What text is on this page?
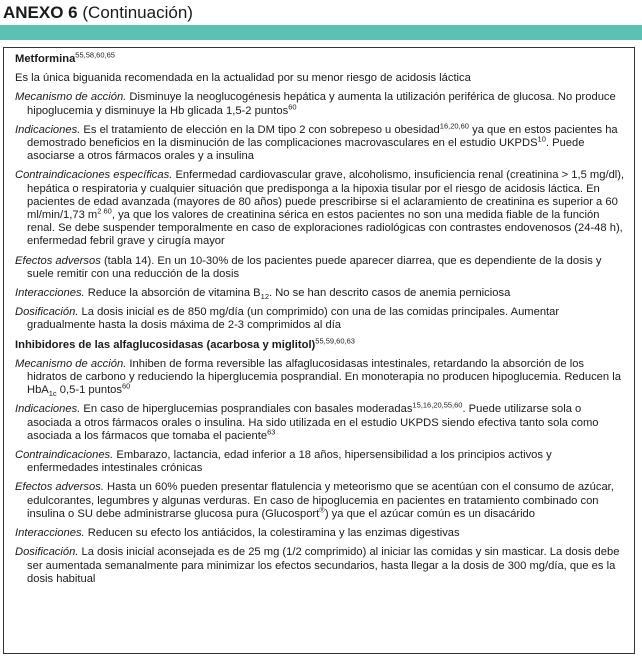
ANEXO 6 (Continuación)
Metformina$^{55,58,60,65}$
Es la única biguanida recomendada en la actualidad por su menor riesgo de acidosis láctica
Mecanismo de acción. Disminuye la neoglucogénesis hepática y aumenta la utilización periférica de glucosa. No produce hipoglucemia y disminuye la Hb glicada 1,5-2 puntos$^{60}$
Indicaciones. Es el tratamiento de elección en la DM tipo 2 con sobrepeso u obesidad$^{16,20,60}$ ya que en estos pacientes ha demostrado beneficios en la disminución de las complicaciones macrovasculares en el estudio UKPDS$^{10}$. Puede asociarse a otros fármacos orales y a insulina
Contraindicaciones específicas. Enfermedad cardiovascular grave, alcoholismo, insuficiencia renal (creatinina > 1,5 mg/dl), hepática o respiratoria y cualquier situación que predisponga a la hipoxia tisular por el riesgo de acidosis láctica. En pacientes de edad avanzada (mayores de 80 años) puede prescribirse si el aclaramiento de creatinina es superior a 60 ml/min/1,73 $m^{2 60}$, ya que los valores de creatinina sérica en estos pacientes no son una medida fiable de la función renal. Se debe suspender temporalmente en caso de exploraciones radiológicas con contrastes endovenosos (24-48 h), enfermedad febril grave y cirugía mayor
Efectos adversos (tabla 14). En un 10-30% de los pacientes puede aparecer diarrea, que es dependiente de la dosis y suele remitir con una reducción de la dosis
Interacciones. Reduce la absorción de vitamina $B_{12}$. No se han descrito casos de anemia perniciosa
Dosificación. La dosis inicial es de 850 mg/día (un comprimido) con una de las comidas principales. Aumentar gradualmente hasta la dosis máxima de 2-3 comprimidos al día
Inhibidores de las alfaglucosidasas (acarbosa y miglitol)$^{55,59,60,63}$
Mecanismo de acción. Inhiben de forma reversible las alfaglucosidasas intestinales, retardando la absorción de los hidratos de carbono y reduciendo la hiperglucemia posprandial. En monoterapia no producen hipoglucemia. Reducen la HbA$_{1c}$ 0,5-1 puntos$^{60}$
Indicaciones. En caso de hiperglucemias posprandiales con basales moderadas$^{15,16,20,55,60}$. Puede utilizarse sola o asociada a otros fármacos orales o insulina. Ha sido utilizada en el estudio UKPDS siendo efectiva tanto sola como asociada a los fármacos que tomaba el paciente$^{63}$
Contraindicaciones. Embarazo, lactancia, edad inferior a 18 años, hipersensibilidad a los principios activos y enfermedades intestinales crónicas
Efectos adversos. Hasta un 60% pueden presentar flatulencia y meteorismo que se acentúan con el consumo de azúcar, edulcorantes, legumbres y algunas verduras. En caso de hipoglucemia en pacientes en tratamiento combinado con insulina o SU debe administrarse glucosa pura (Glucosport®) ya que el azúcar común es un disacárido
Interacciones. Reducen su efecto los antiácidos, la colestiramina y las enzimas digestivas
Dosificación. La dosis inicial aconsejada es de 25 mg (1/2 comprimido) al iniciar las comidas y sin masticar. La dosis debe ser aumentada semanalmente para minimizar los efectos secundarios, hasta llegar a la dosis de 300 mg/día, que es la dosis habitual
